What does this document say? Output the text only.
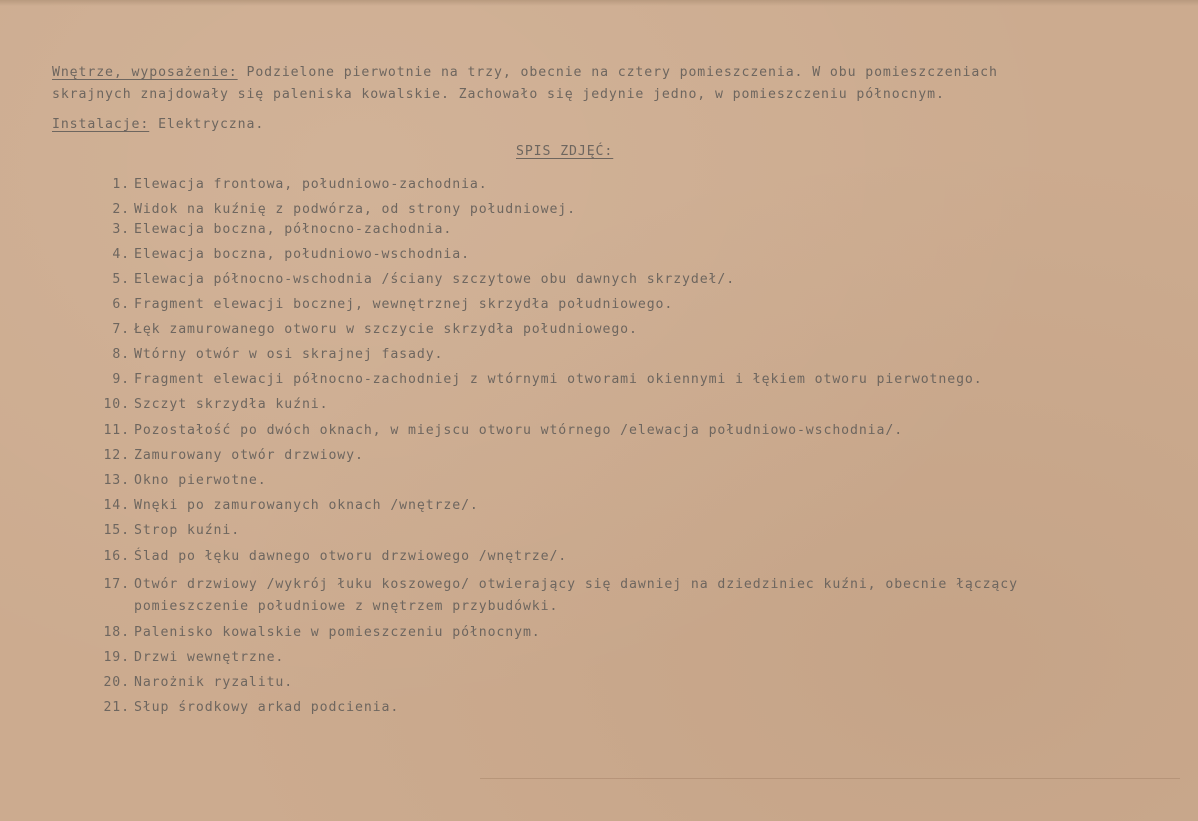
Wnętrze, wyposażenie: Podzielone pierwotnie na trzy, obecnie na cztery pomieszczenia. W obu pomieszczeniach
skrajnych znajdowały się paleniska kowalskie. Zachowało się jedynie jedno, w pomieszczeniu północnym.
Instalacje: Elektryczna.
SPIS ZDJĘĆ:
1. Elewacja frontowa, południowo-zachodnia.
2. Widok na kuźnię z podwórza, od strony południowej.
3. Elewacja boczna, północno-zachodnia.
4. Elewacja boczna, południowo-wschodnia.
5. Elewacja północno-wschodnia /ściany szczytowe obu dawnych skrzydeł/.
6. Fragment elewacji bocznej, wewnętrznej skrzydła południowego.
7. Łęk zamurowanego otworu w szczycie skrzydła południowego.
8. Wtórny otwór w osi skrajnej fasady.
9. Fragment elewacji północno-zachodniej z wtórnymi otworami okiennymi i łękiem otworu pierwotnego.
10. Szczyt skrzydła kuźni.
11. Pozostałość po dwóch oknach, w miejscu otworu wtórnego /elewacja południowo-wschodnia/.
12. Zamurowany otwór drzwiowy.
13. Okno pierwotne.
14. Wnęki po zamurowanych oknach /wnętrze/.
15. Strop kuźni.
16. Ślad po łęku dawnego otworu drzwiowego /wnętrze/.
17. Otwór drzwiowy /wykrój łuku koszowego/ otwierający się dawniej na dziedziniec kuźni, obecnie łączący
pomieszczenie południowe z wnętrzem przybudówki.
18. Palenisko kowalskie w pomieszczeniu północnym.
19. Drzwi wewnętrzne.
20. Narożnik ryzalitu.
21. Słup środkowy arkad podcienia.
